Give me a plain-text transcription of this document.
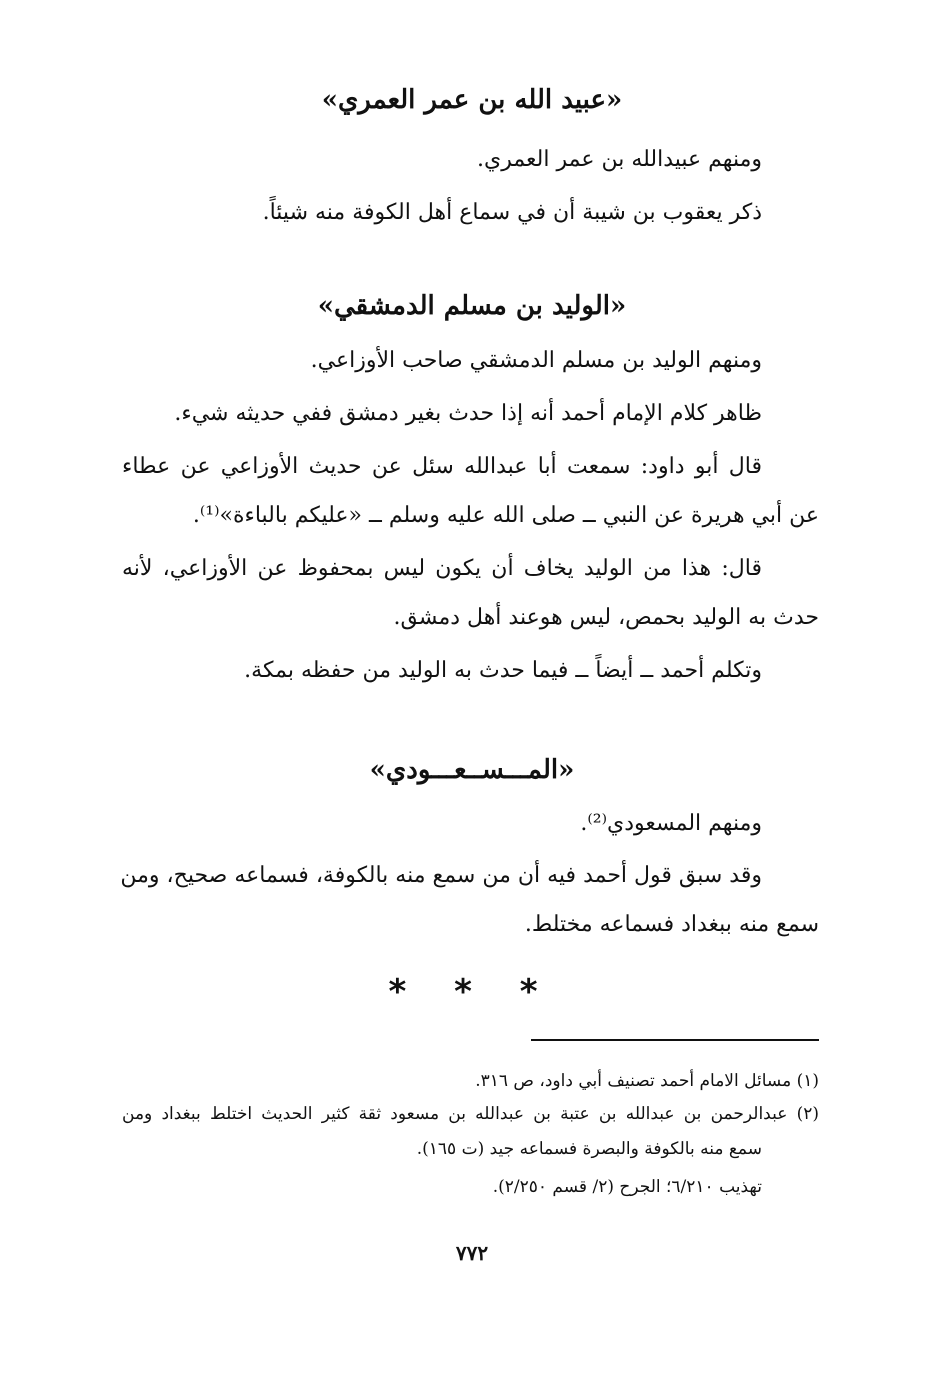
«عبيد الله بن عمر العمري»
ومنهم عبيدالله بن عمر العمري.
ذكر يعقوب بن شيبة أن في سماع أهل الكوفة منه شيئاً.
«الوليد بن مسلم الدمشقي»
ومنهم الوليد بن مسلم الدمشقي صاحب الأوزاعي.
ظاهر كلام الإمام أحمد أنه إذا حدث بغير دمشق ففي حديثه شيء.
قال أبو داود: سمعت أبا عبدالله سئل عن حديث الأوزاعي عن عطاء
عن أبي هريرة عن النبي ــ صلى الله عليه وسلم ــ «عليكم بالباءة»⁽¹⁾.
قال: هذا من الوليد يخاف أن يكون ليس بمحفوظ عن الأوزاعي، لأنه
حدث به الوليد بحمص، ليس هوعند أهل دمشق.
وتكلم أحمد ــ أيضاً ــ فيما حدث به الوليد من حفظه بمكة.
«المـــســعـــودي»
ومنهم المسعودي⁽²⁾.
وقد سبق قول أحمد فيه أن من سمع منه بالكوفة، فسماعه صحيح، ومن
سمع منه ببغداد فسماعه مختلط.
* * *
(١) مسائل الامام أحمد تصنيف أبي داود، ص ٣١٦.
(٢) عبدالرحمن بن عبدالله بن عتبة بن عبدالله بن مسعود ثقة كثير الحديث اختلط ببغداد ومن
سمع منه بالكوفة والبصرة فسماعه جيد (ت ١٦٥).
تهذيب ٦/٢١٠؛ الجرح (٢/ قسم ٢/٢٥٠).
٧٧٢
